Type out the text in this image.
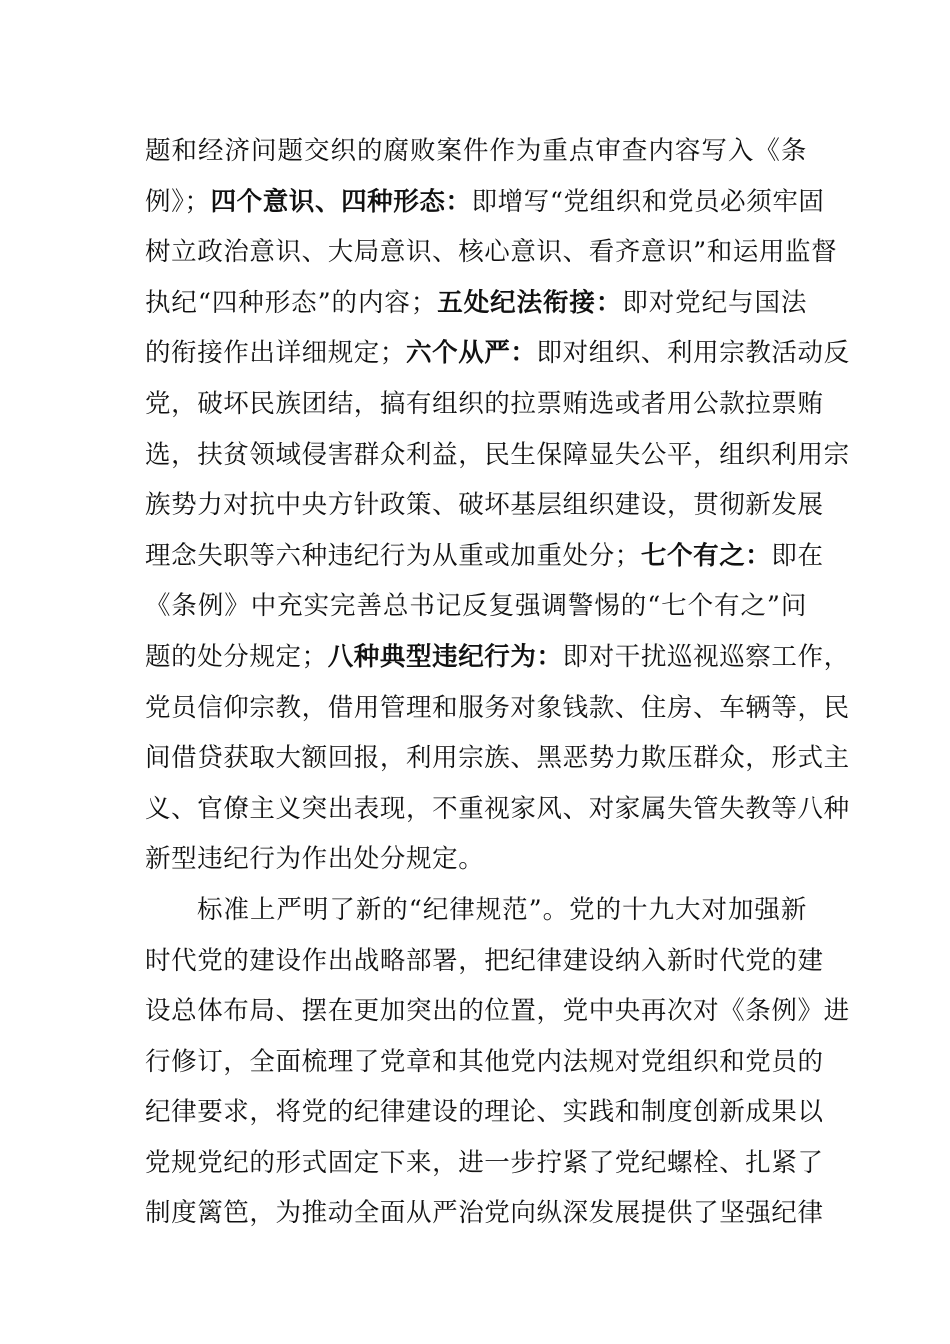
题和经济问题交织的腐败案件作为重点审查内容写入《条
例》；四个意识、四种形态：即增写“党组织和党员必须牢固
树立政治意识、大局意识、核心意识、看齐意识”和运用监督
执纪“四种形态”的内容；五处纪法衔接：即对党纪与国法
的衔接作出详细规定；六个从严：即对组织、利用宗教活动反
党，破坏民族团结，搞有组织的拉票贿选或者用公款拉票贿
选，扶贫领域侵害群众利益，民生保障显失公平，组织利用宗
族势力对抗中央方针政策、破坏基层组织建设，贯彻新发展
理念失职等六种违纪行为从重或加重处分；七个有之：即在
《条例》中充实完善总书记反复强调警惕的“七个有之”问
题的处分规定；八种典型违纪行为：即对干扰巡视巡察工作，
党员信仰宗教，借用管理和服务对象钱款、住房、车辆等，民
间借贷获取大额回报，利用宗族、黑恶势力欺压群众，形式主
义、官僚主义突出表现，不重视家风、对家属失管失教等八种
新型违纪行为作出处分规定。

标准上严明了新的“纪律规范”。党的十九大对加强新
时代党的建设作出战略部署，把纪律建设纳入新时代党的建
设总体布局、摆在更加突出的位置，党中央再次对《条例》进
行修订，全面梳理了党章和其他党内法规对党组织和党员的
纪律要求，将党的纪律建设的理论、实践和制度创新成果以
党规党纪的形式固定下来，进一步拧紧了党纪螺栓、扎紧了
制度篱笆，为推动全面从严治党向纵深发展提供了坚强纪律
